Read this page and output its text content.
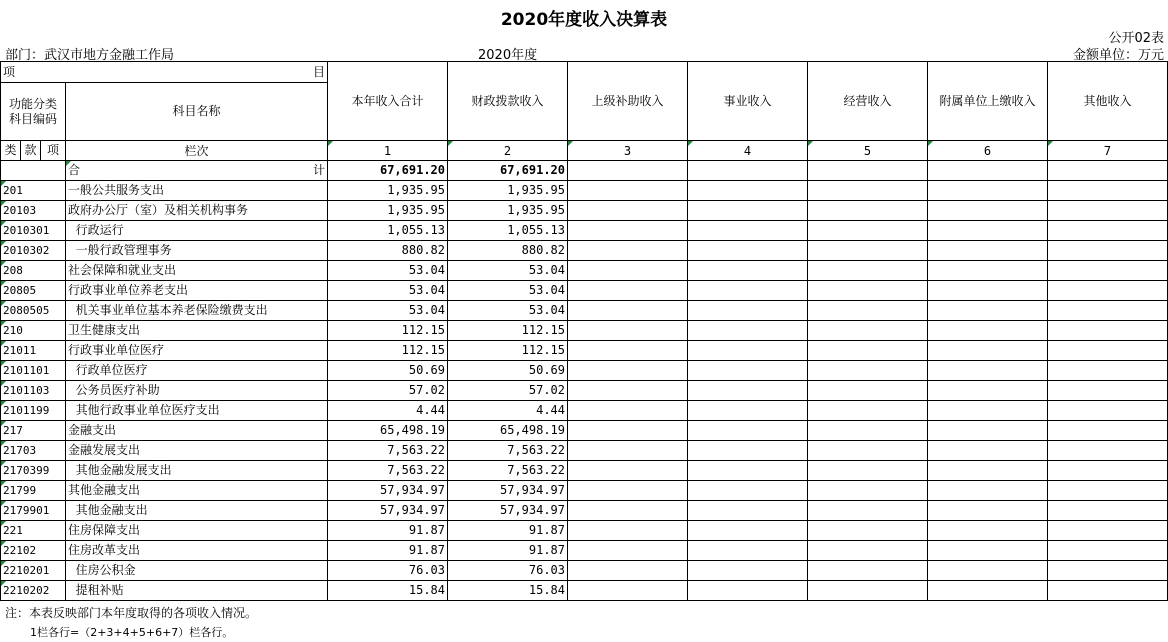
2020年度收入决算表
公开02表
部门：武汉市地方金融工作局	2020年度	金额单位：万元
项 目				本年收入合计	财政拨款收入	上级补助收入	事业收入	经营收入	附属单位上缴收入	其他收入
功能分类科目编码			科目名称							
类	款	项								
			栏次	1	2	3	4	5	6	7
			合 计	67,691.20	67,691.20					
201			一般公共服务支出	1,935.95	1,935.95					
20103			政府办公厅（室）及相关机构事务	1,935.95	1,935.95					
2010301			行政运行	1,055.13	1,055.13					
2010302			一般行政管理事务	880.82	880.82					
208			社会保障和就业支出	53.04	53.04					
20805			行政事业单位养老支出	53.04	53.04					
2080505			机关事业单位基本养老保险缴费支出	53.04	53.04					
210			卫生健康支出	112.15	112.15					
21011			行政事业单位医疗	112.15	112.15					
2101101			行政单位医疗	50.69	50.69					
2101103			公务员医疗补助	57.02	57.02					
2101199			其他行政事业单位医疗支出	4.44	4.44					
217			金融支出	65,498.19	65,498.19					
21703			金融发展支出	7,563.22	7,563.22					
2170399			其他金融发展支出	7,563.22	7,563.22					
21799			其他金融支出	57,934.97	57,934.97					
2179901			其他金融支出	57,934.97	57,934.97					
221			住房保障支出	91.87	91.87					
22102			住房改革支出	91.87	91.87					
2210201			住房公积金	76.03	76.03					
2210202			提租补贴	15.84	15.84					
注：本表反映部门本年度取得的各项收入情况。
1栏各行=（2+3+4+5+6+7）栏各行。
